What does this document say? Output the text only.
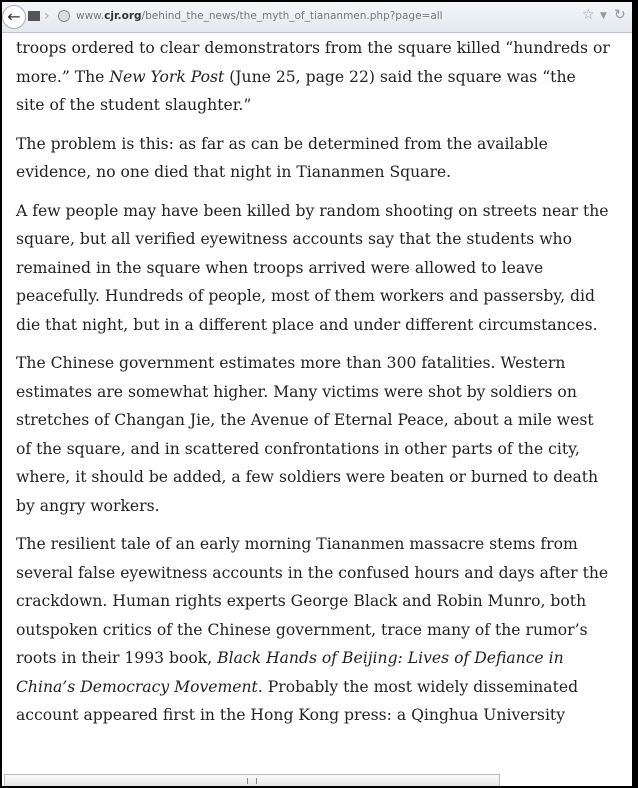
←	›	www.cjr.org/behind_the_news/the_myth_of_tiananmen.php?page=all	☆ ▼ ↻
troops ordered to clear demonstrators from the square killed “hundreds or
more.” The New York Post (June 25, page 22) said the square was “the
site of the student slaughter.”
The problem is this: as far as can be determined from the available
evidence, no one died that night in Tiananmen Square.
A few people may have been killed by random shooting on streets near the
square, but all verified eyewitness accounts say that the students who
remained in the square when troops arrived were allowed to leave
peacefully. Hundreds of people, most of them workers and passersby, did
die that night, but in a different place and under different circumstances.
The Chinese government estimates more than 300 fatalities. Western
estimates are somewhat higher. Many victims were shot by soldiers on
stretches of Changan Jie, the Avenue of Eternal Peace, about a mile west
of the square, and in scattered confrontations in other parts of the city,
where, it should be added, a few soldiers were beaten or burned to death
by angry workers.
The resilient tale of an early morning Tiananmen massacre stems from
several false eyewitness accounts in the confused hours and days after the
crackdown. Human rights experts George Black and Robin Munro, both
outspoken critics of the Chinese government, trace many of the rumor’s
roots in their 1993 book, Black Hands of Beijing: Lives of Defiance in
China’s Democracy Movement. Probably the most widely disseminated
account appeared first in the Hong Kong press: a Qinghua University
